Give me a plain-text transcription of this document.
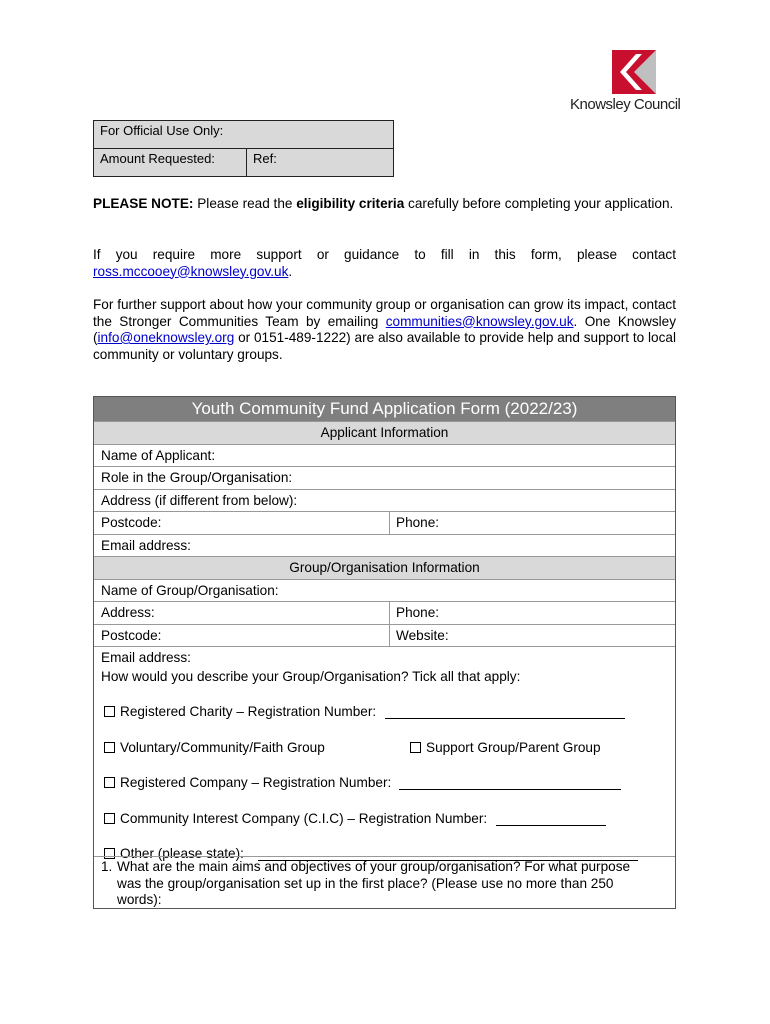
Knowsley Council
For Official Use Only:
Amount Requested:	Ref:
PLEASE NOTE: Please read the eligibility criteria carefully before completing your application.
If you require more support or guidance to fill in this form, please contact ross.mccooey@knowsley.gov.uk.
For further support about how your community group or organisation can grow its impact, contact the Stronger Communities Team by emailing communities@knowsley.gov.uk. One Knowsley (info@oneknowsley.org or 0151-489-1222) are also available to provide help and support to local community or voluntary groups.
Youth Community Fund Application Form (2022/23)
Applicant Information
Name of Applicant:
Role in the Group/Organisation:
Address (if different from below):
Postcode:	Phone:
Email address:
Group/Organisation Information
Name of Group/Organisation:
Address:	Phone:
Postcode:	Website:
Email address:
How would you describe your Group/Organisation? Tick all that apply:
Registered Charity – Registration Number:
Voluntary/Community/Faith Group	Support Group/Parent Group
Registered Company – Registration Number:
Community Interest Company (C.I.C) – Registration Number:
Other (please state):
1. What are the main aims and objectives of your group/organisation? For what purpose was the group/organisation set up in the first place? (Please use no more than 250 words):
